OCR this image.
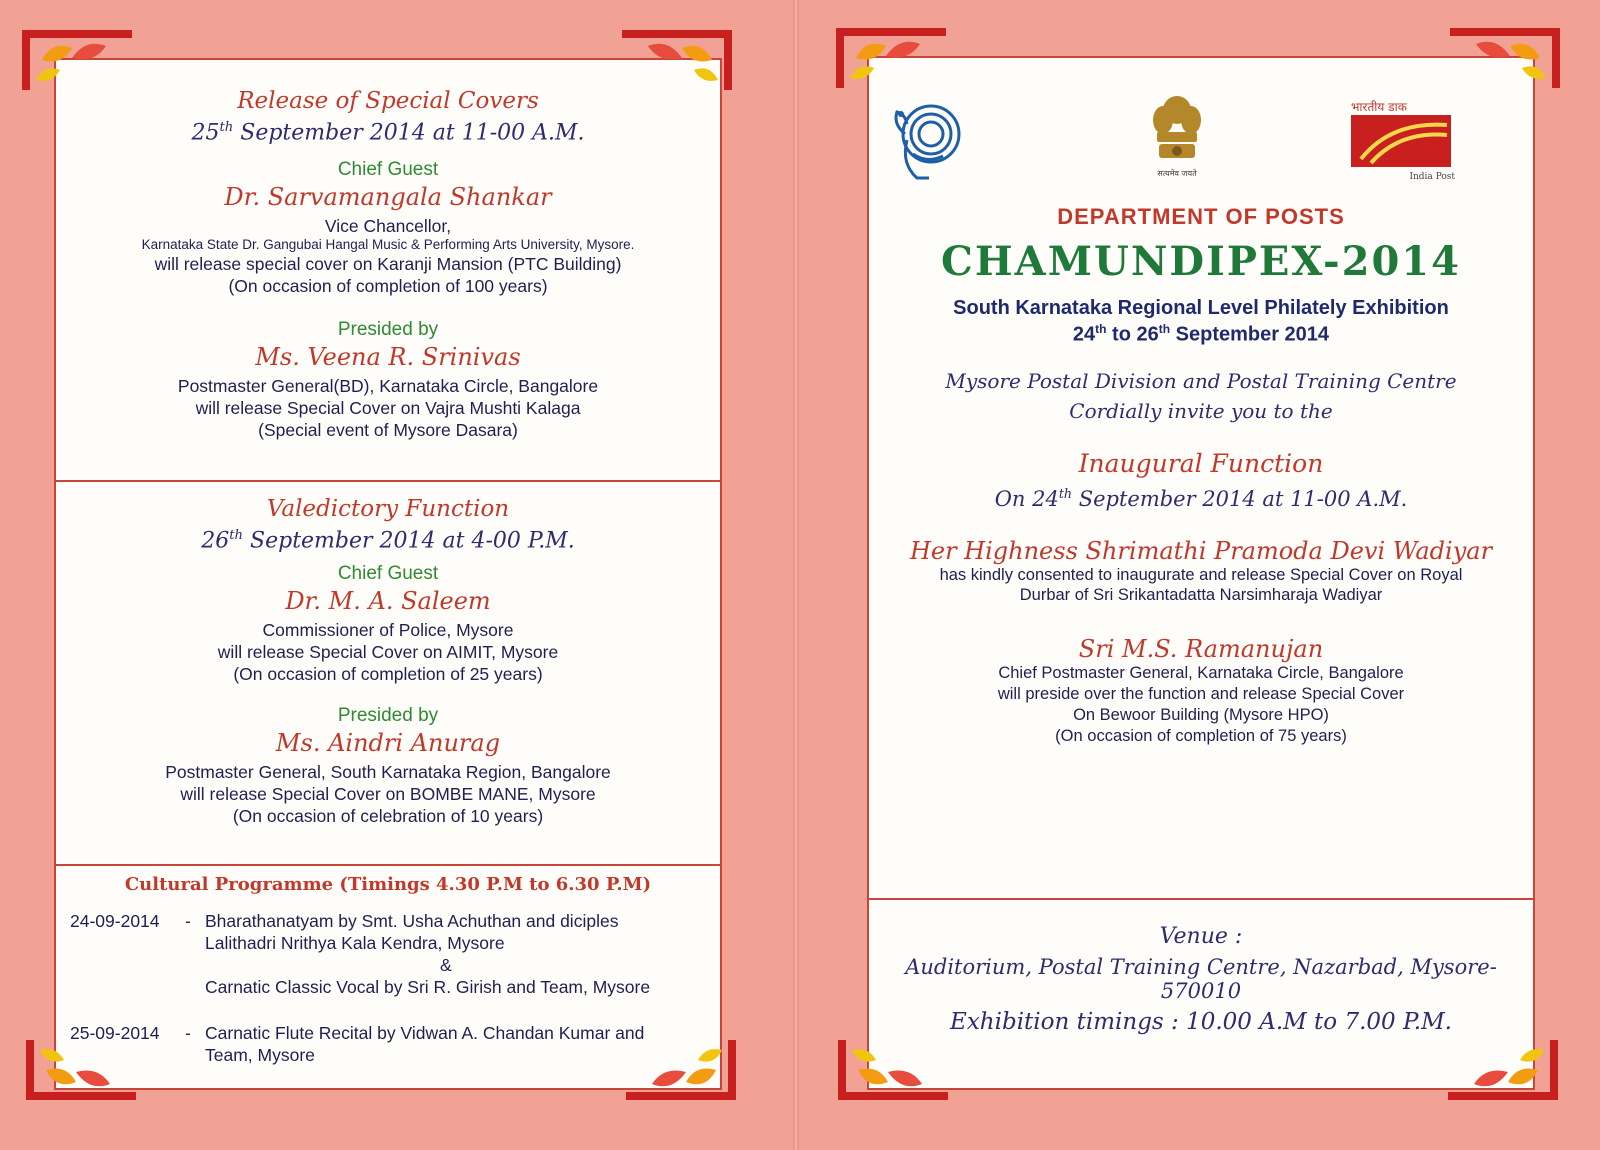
Release of Special Covers
25th September 2014 at 11-00 A.M.
Chief Guest
Dr. Sarvamangala Shankar
Vice Chancellor,
Karnataka State Dr. Gangubai Hangal Music & Performing Arts University, Mysore.
will release special cover on Karanji Mansion (PTC Building)
(On occasion of completion of 100 years)
Presided by
Ms. Veena R. Srinivas
Postmaster General(BD), Karnataka Circle, Bangalore
will release Special Cover on Vajra Mushti Kalaga
(Special event of Mysore Dasara)
Valedictory Function
26th September 2014 at 4-00 P.M.
Chief Guest
Dr. M. A. Saleem
Commissioner of Police, Mysore
will release Special Cover on AIMIT, Mysore
(On occasion of completion of 25 years)
Presided by
Ms. Aindri Anurag
Postmaster General, South Karnataka Region, Bangalore
will release Special Cover on BOMBE MANE, Mysore
(On occasion of celebration of 10 years)
Cultural Programme (Timings 4.30 P.M to 6.30 P.M)
24-09-2014	- Bharathanatyam by Smt. Usha Achuthan and diciples
Lalithadri Nrithya Kala Kendra, Mysore
&
Carnatic Classic Vocal by Sri R. Girish and Team, Mysore
25-09-2014	- Carnatic Flute Recital by Vidwan A. Chandan Kumar and
Team, Mysore
सत्यमेव जयते
भारतीय डाक
India Post
DEPARTMENT OF POSTS
CHAMUNDIPEX-2014
South Karnataka Regional Level Philately Exhibition
24th to 26th September 2014
Mysore Postal Division and Postal Training Centre
Cordially invite you to the
Inaugural Function
On 24th September 2014 at 11-00 A.M.
Her Highness Shrimathi Pramoda Devi Wadiyar
has kindly consented to inaugurate and release Special Cover on Royal
Durbar of Sri Srikantadatta Narsimharaja Wadiyar
Sri M.S. Ramanujan
Chief Postmaster General, Karnataka Circle, Bangalore
will preside over the function and release Special Cover
On Bewoor Building (Mysore HPO)
(On occasion of completion of 75 years)
Venue :
Auditorium, Postal Training Centre, Nazarbad, Mysore-570010
Exhibition timings : 10.00 A.M to 7.00 P.M.
